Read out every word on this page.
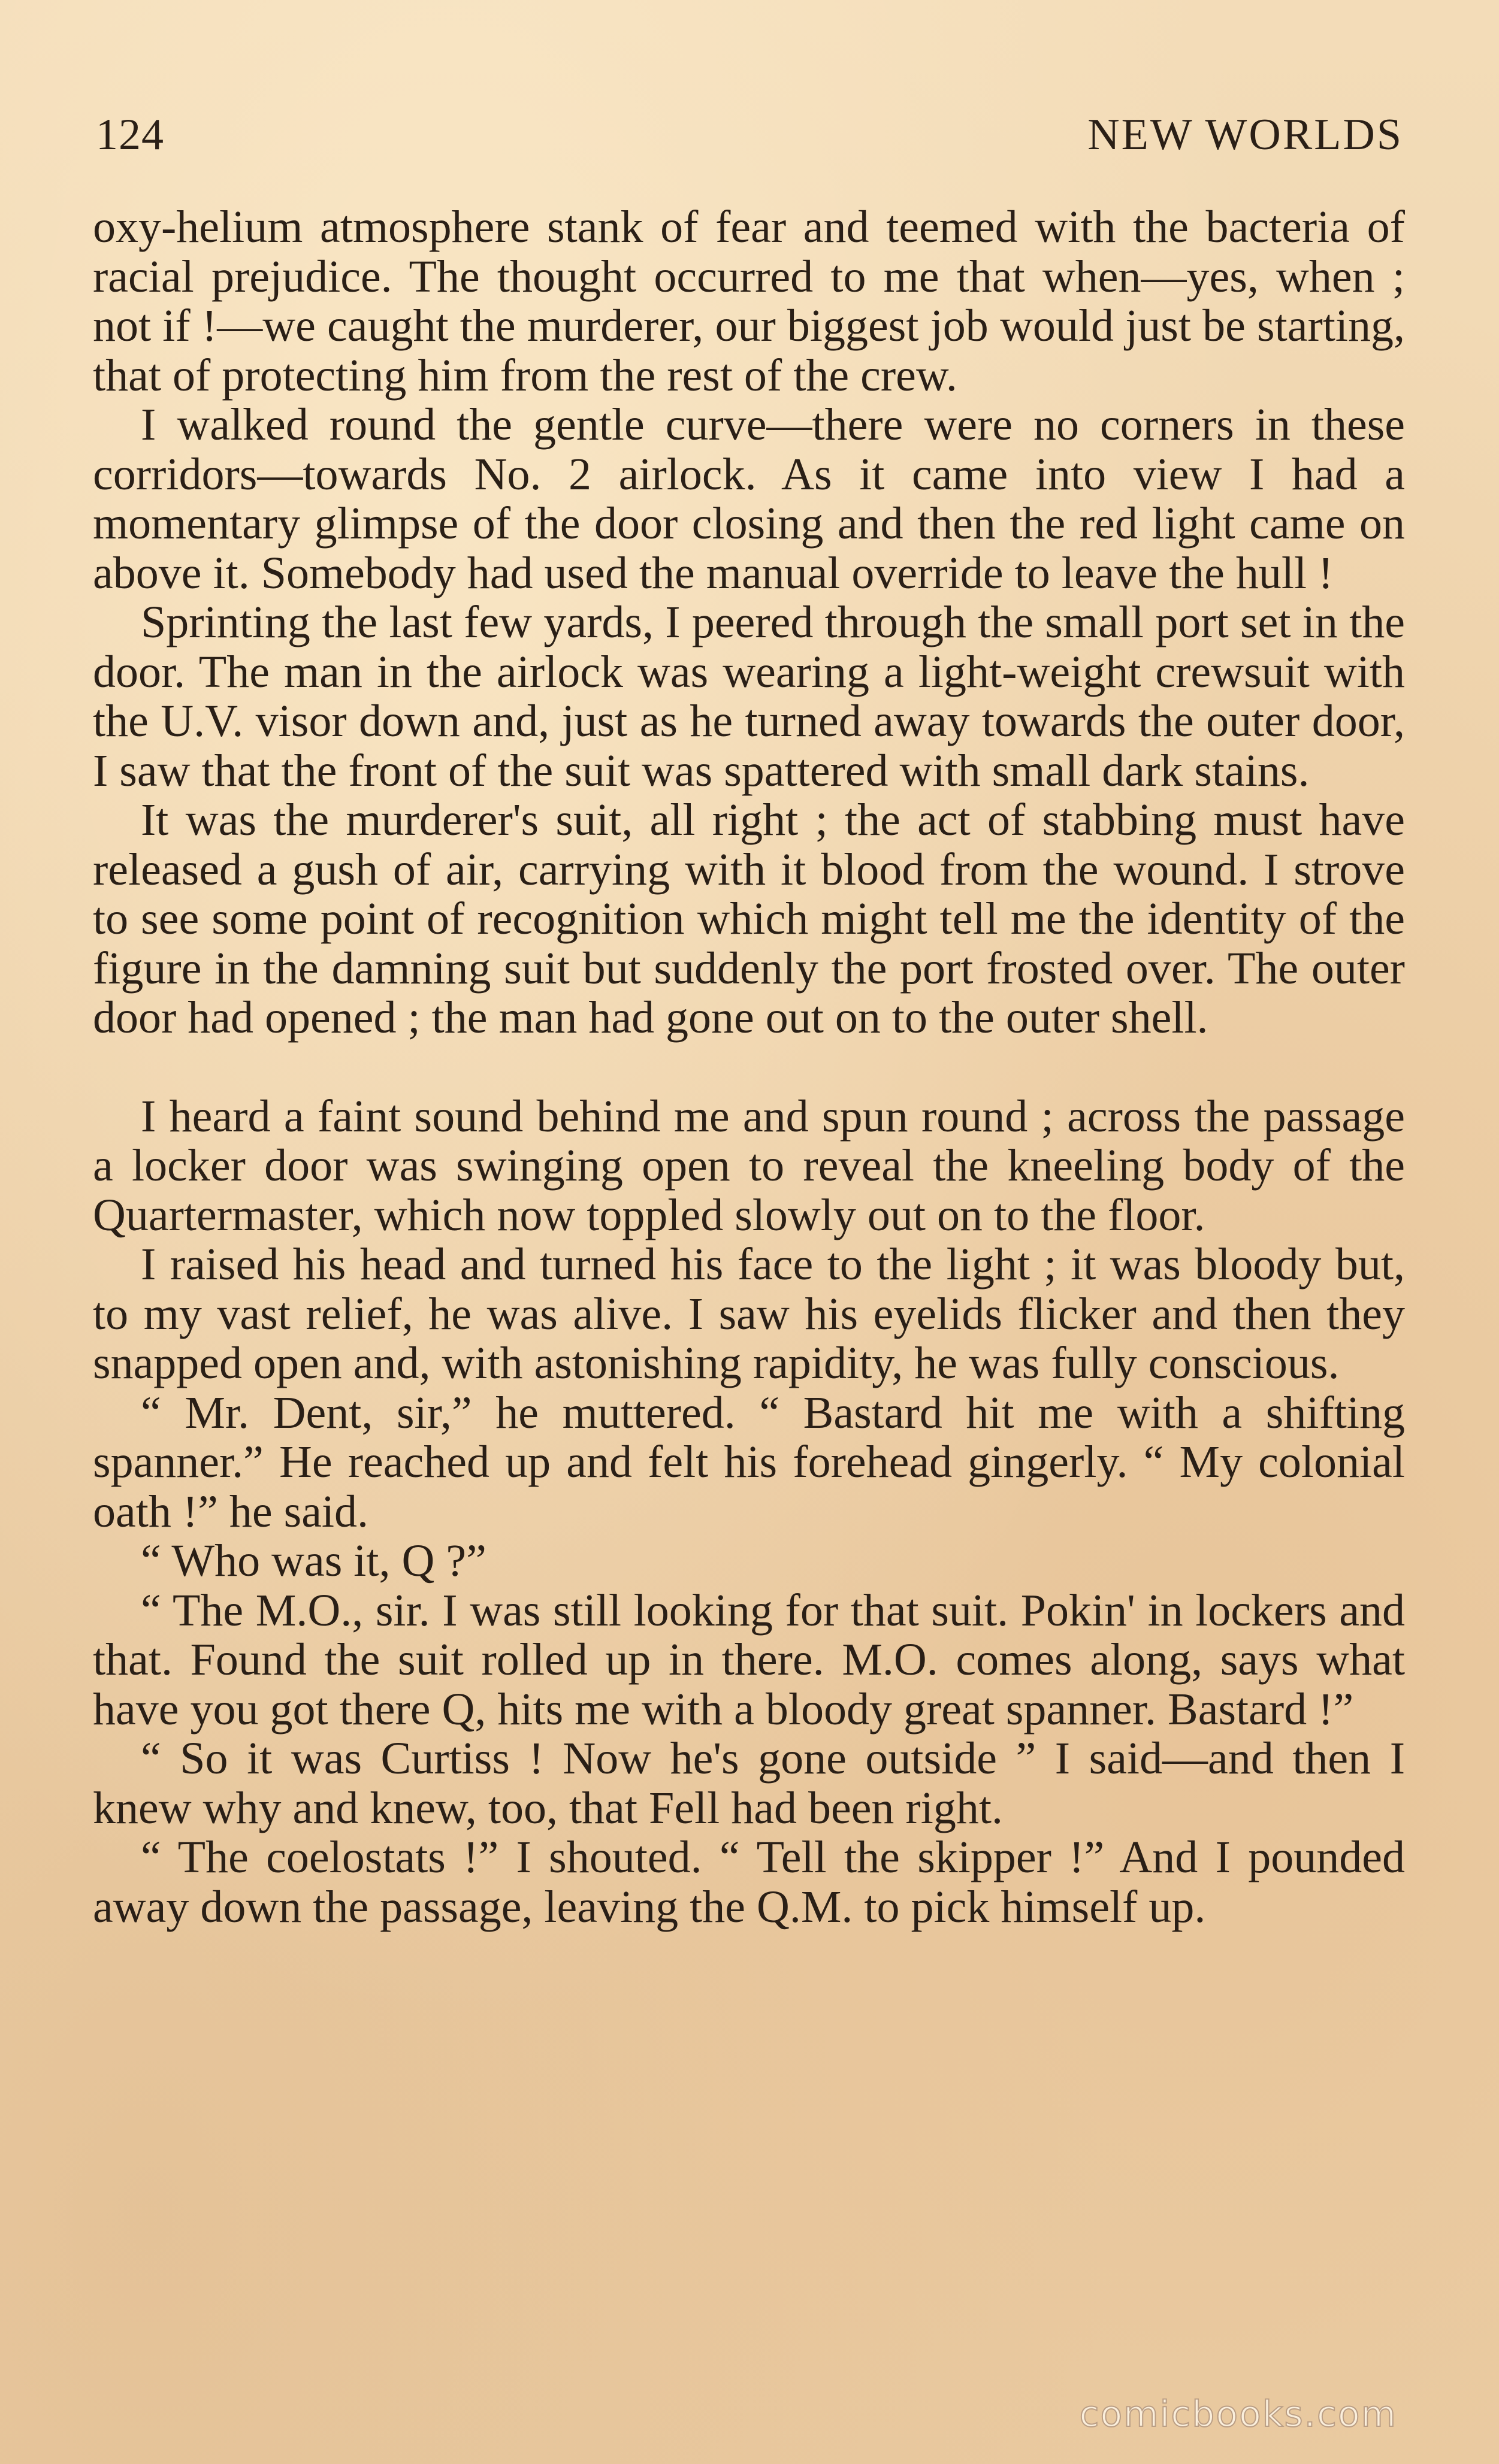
124	NEW WORLDS

oxy-helium atmosphere stank of fear and teemed with the bacteria of racial prejudice. The thought occurred to me that when—yes, when ; not if !—we caught the murderer, our biggest job would just be starting, that of protecting him from the rest of the crew.

I walked round the gentle curve—there were no corners in these corridors—towards No. 2 airlock. As it came into view I had a momentary glimpse of the door closing and then the red light came on above it. Somebody had used the manual override to leave the hull !

Sprinting the last few yards, I peered through the small port set in the door. The man in the airlock was wearing a light-weight crewsuit with the U.V. visor down and, just as he turned away towards the outer door, I saw that the front of the suit was spattered with small dark stains.

It was the murderer's suit, all right ; the act of stabbing must have released a gush of air, carrying with it blood from the wound. I strove to see some point of recognition which might tell me the identity of the figure in the damning suit but suddenly the port frosted over. The outer door had opened ; the man had gone out on to the outer shell.

I heard a faint sound behind me and spun round ; across the passage a locker door was swinging open to reveal the kneeling body of the Quartermaster, which now toppled slowly out on to the floor.

I raised his head and turned his face to the light ; it was bloody but, to my vast relief, he was alive. I saw his eyelids flicker and then they snapped open and, with astonishing rapidity, he was fully conscious.

“ Mr. Dent, sir,” he muttered. “ Bastard hit me with a shifting spanner.” He reached up and felt his forehead gingerly. “ My colonial oath !” he said.

“ Who was it, Q ?”

“ The M.O., sir. I was still looking for that suit. Pokin' in lockers and that. Found the suit rolled up in there. M.O. comes along, says what have you got there Q, hits me with a bloody great spanner. Bastard !”

“ So it was Curtiss ! Now he's gone outside ” I said—and then I knew why and knew, too, that Fell had been right.

“ The coelostats !” I shouted. “ Tell the skipper !” And I pounded away down the passage, leaving the Q.M. to pick himself up.

comicbooks.com
